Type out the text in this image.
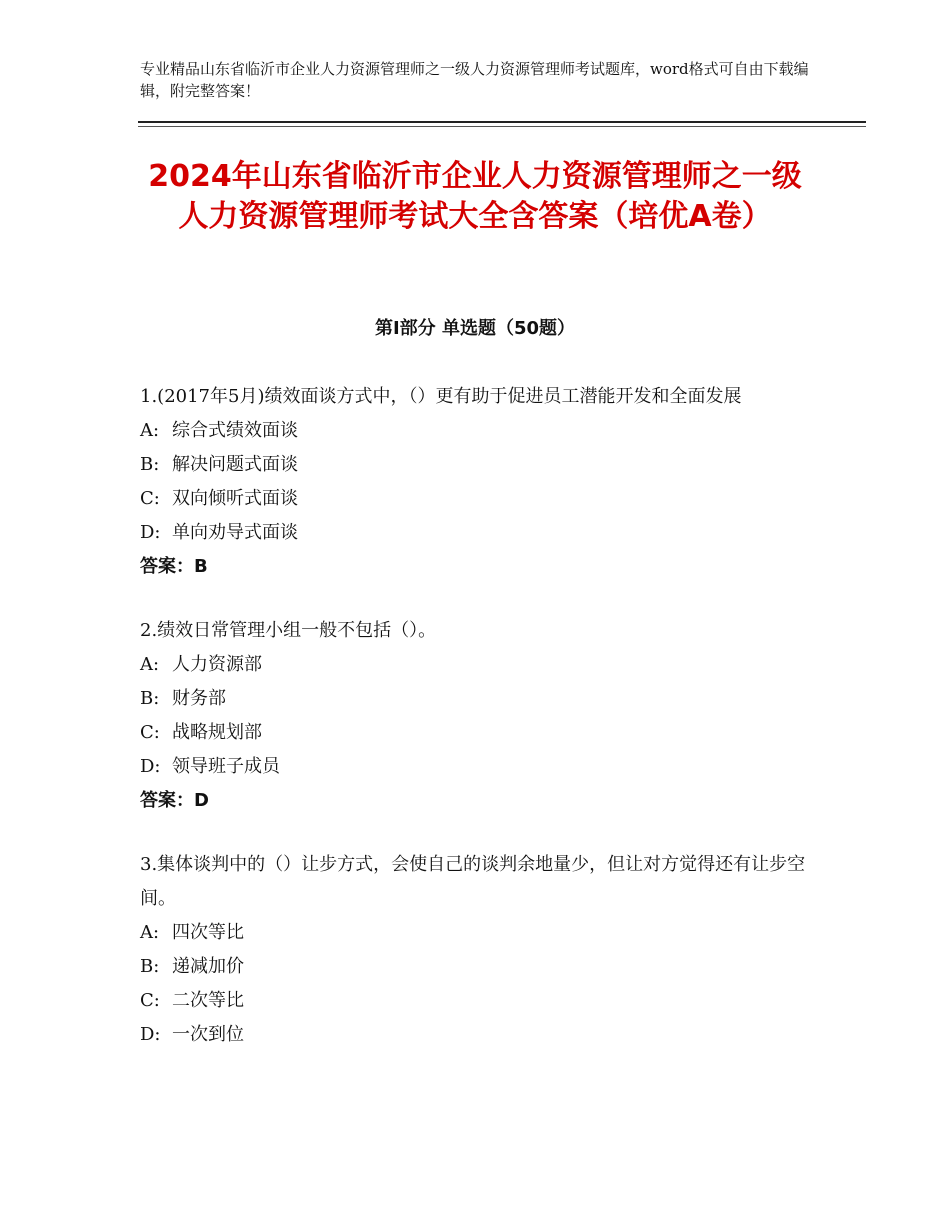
专业精品山东省临沂市企业人力资源管理师之一级人力资源管理师考试题库，word格式可自由下载编辑，附完整答案！
2024年山东省临沂市企业人力资源管理师之一级人力资源管理师考试大全含答案（培优A卷）
第Ⅰ部分 单选题（50题）
1.(2017年5月)绩效面谈方式中，（）更有助于促进员工潜能开发和全面发展
A: 综合式绩效面谈
B: 解决问题式面谈
C: 双向倾听式面谈
D: 单向劝导式面谈
答案：B
2.绩效日常管理小组一般不包括（）。
A: 人力资源部
B: 财务部
C: 战略规划部
D: 领导班子成员
答案：D
3.集体谈判中的（）让步方式，会使自己的谈判余地量少，但让对方觉得还有让步空间。
A: 四次等比
B: 递减加价
C: 二次等比
D: 一次到位
